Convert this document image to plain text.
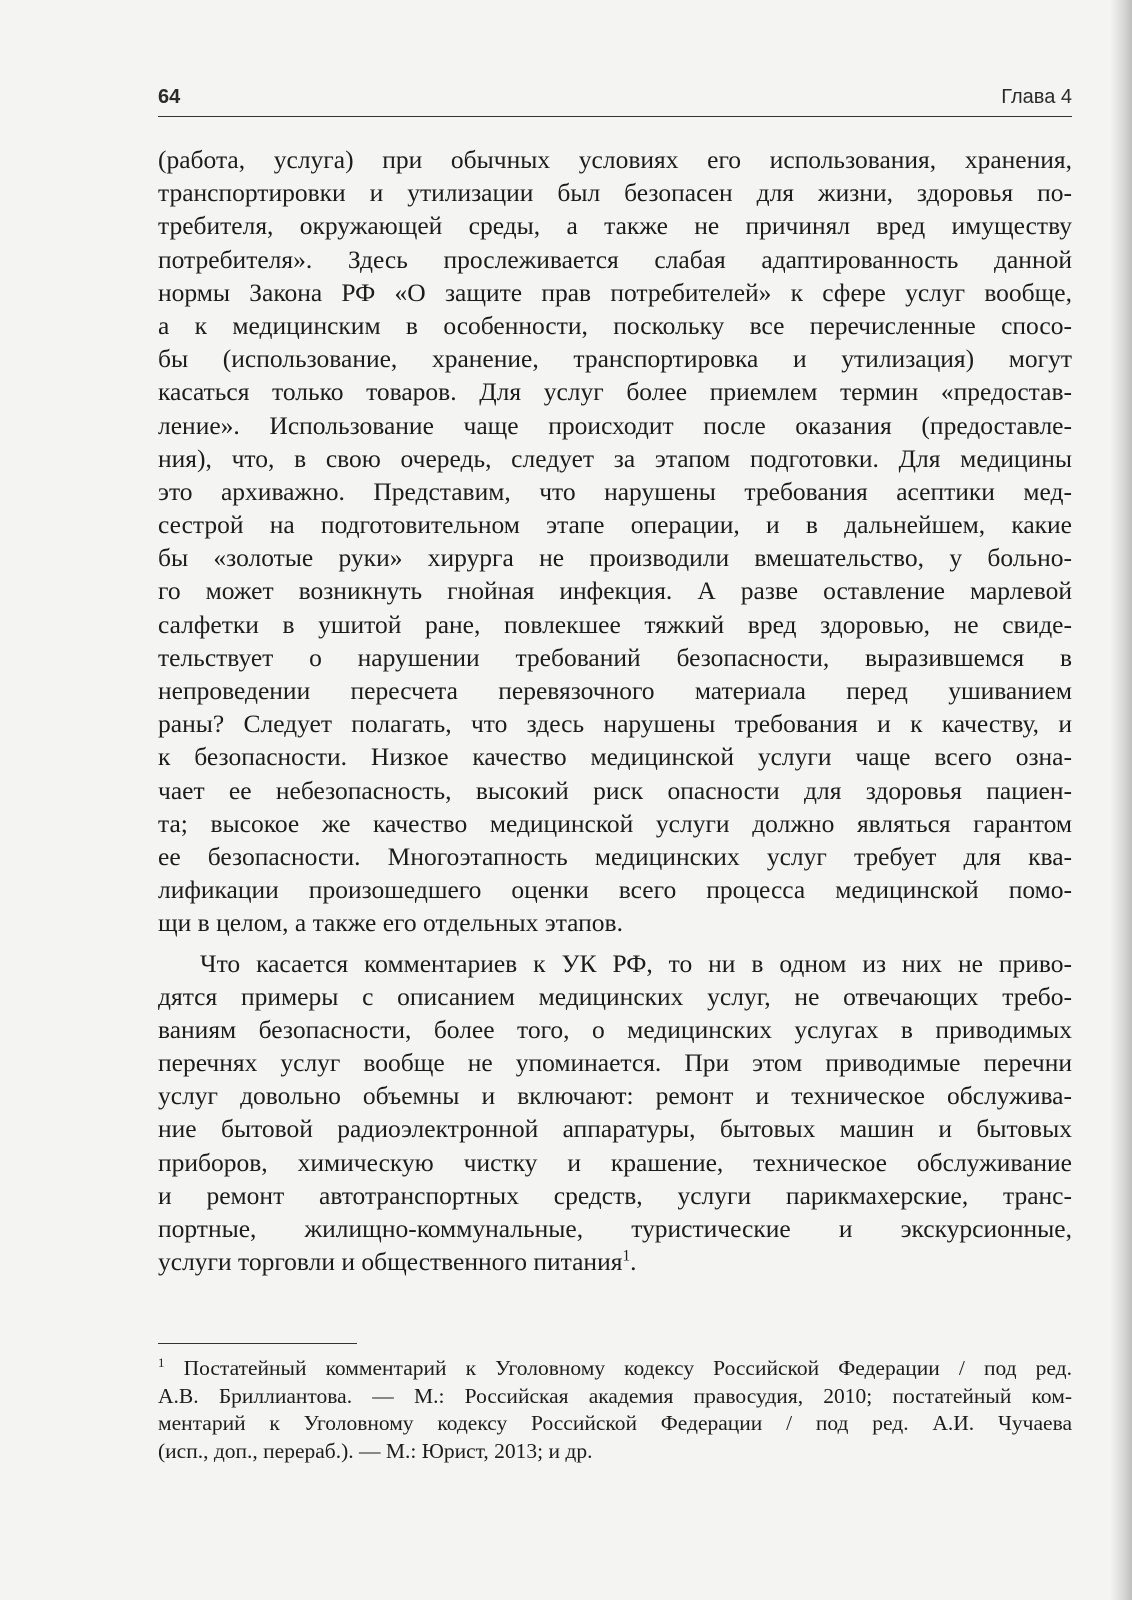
64	Глава 4
(работа, услуга) при обычных условиях его использования, хранения,
транспортировки и утилизации был безопасен для жизни, здоровья по-
требителя, окружающей среды, а также не причинял вред имуществу
потребителя». Здесь прослеживается слабая адаптированность данной
нормы Закона РФ «О защите прав потребителей» к сфере услуг вообще,
а к медицинским в особенности, поскольку все перечисленные спосо-
бы (использование, хранение, транспортировка и утилизация) могут
касаться только товаров. Для услуг более приемлем термин «предостав-
ление». Использование чаще происходит после оказания (предоставле-
ния), что, в свою очередь, следует за этапом подготовки. Для медицины
это архиважно. Представим, что нарушены требования асептики мед-
сестрой на подготовительном этапе операции, и в дальнейшем, какие
бы «золотые руки» хирурга не производили вмешательство, у больно-
го может возникнуть гнойная инфекция. А разве оставление марлевой
салфетки в ушитой ране, повлекшее тяжкий вред здоровью, не свиде-
тельствует о нарушении требований безопасности, выразившемся в
непроведении пересчета перевязочного материала перед ушиванием
раны? Следует полагать, что здесь нарушены требования и к качеству, и
к безопасности. Низкое качество медицинской услуги чаще всего озна-
чает ее небезопасность, высокий риск опасности для здоровья пациен-
та; высокое же качество медицинской услуги должно являться гарантом
ее безопасности. Многоэтапность медицинских услуг требует для ква-
лификации произошедшего оценки всего процесса медицинской помо-
щи в целом, а также его отдельных этапов.
Что касается комментариев к УК РФ, то ни в одном из них не приво-
дятся примеры с описанием медицинских услуг, не отвечающих требо-
ваниям безопасности, более того, о медицинских услугах в приводимых
перечнях услуг вообще не упоминается. При этом приводимые перечни
услуг довольно объемны и включают: ремонт и техническое обслужива-
ние бытовой радиоэлектронной аппаратуры, бытовых машин и бытовых
приборов, химическую чистку и крашение, техническое обслуживание
и ремонт автотранспортных средств, услуги парикмахерские, транс-
портные, жилищно-коммунальные, туристические и экскурсионные,
услуги торговли и общественного питания$^1$.
$^1$ Постатейный комментарий к Уголовному кодексу Российской Федерации / под ред.
А.В. Бриллиантова. — М.: Российская академия правосудия, 2010; постатейный ком-
ментарий к Уголовному кодексу Российской Федерации / под ред. А.И. Чучаева
(исп., доп., перераб.). — М.: Юрист, 2013; и др.
